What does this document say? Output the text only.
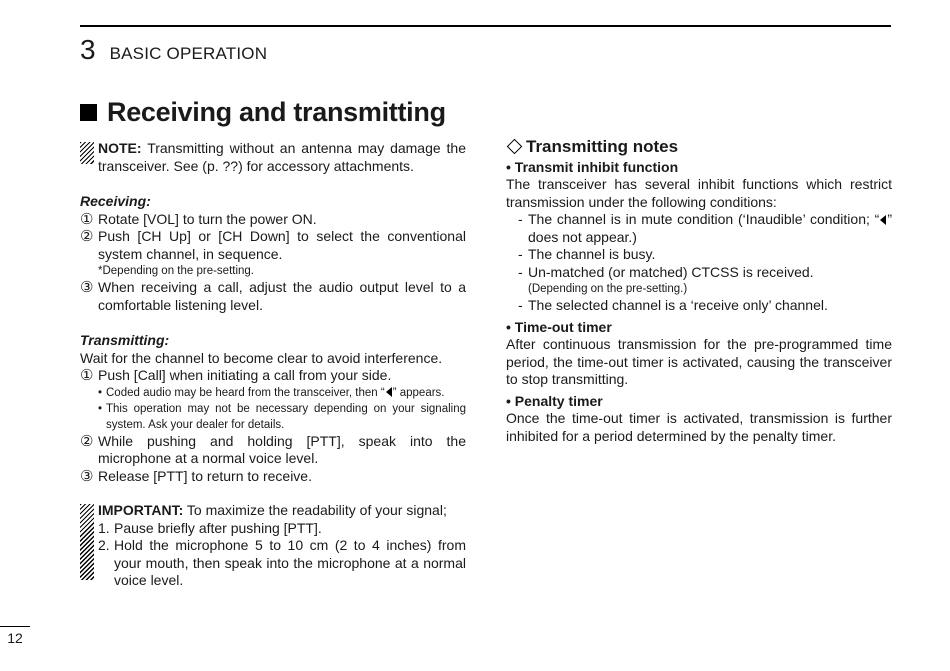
3 BASIC OPERATION
Receiving and transmitting

NOTE: Transmitting without an antenna may damage the transceiver. See (p. ??) for accessory attachments.

Receiving:

① Rotate [VOL] to turn the power ON.
② Push [CH Up] or [CH Down] to select the conventional system channel, in sequence.

*Depending on the pre-setting.

③ When receiving a call, adjust the audio output level to a comfortable listening level.

Transmitting:

Wait for the channel to become clear to avoid interference.

① Push [Call] when initiating a call from your side.
• Coded audio may be heard from the transceiver, then “ ” appears.
• This operation may not be necessary depending on your signaling system. Ask your dealer for details.
② While pushing and holding [PTT], speak into the microphone at a normal voice level.
③ Release [PTT] to return to receive.

IMPORTANT: To maximize the readability of your signal;

1. Pause briefly after pushing [PTT].
2. Hold the microphone 5 to 10 cm (2 to 4 inches) from your mouth, then speak into the microphone at a normal voice level.
Transmitting notes

• Transmit inhibit function

The transceiver has several inhibit functions which restrict transmission under the following conditions:

- The channel is in mute condition (‘Inaudible’ condition; “ ” does not appear.)
- The channel is busy.
- Un-matched (or matched) CTCSS is received.

(Depending on the pre-setting.)

- The selected channel is a ‘receive only’ channel.

• Time-out timer

After continuous transmission for the pre-programmed time period, the time-out timer is activated, causing the transceiver to stop transmitting.

• Penalty timer

Once the time-out timer is activated, transmission is further inhibited for a period determined by the penalty timer.

12
